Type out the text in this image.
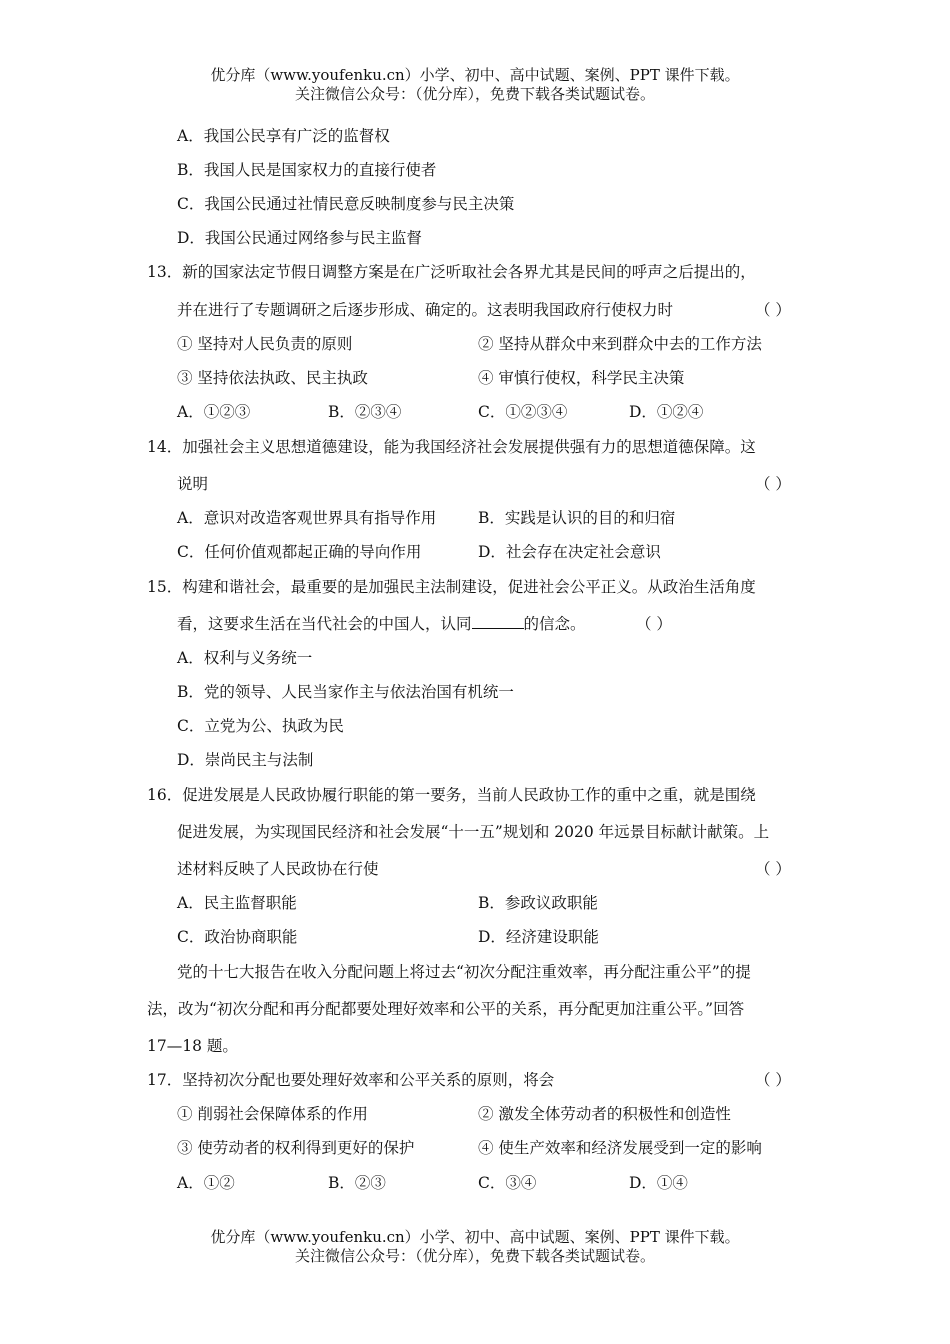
优分库（www.youfenku.cn）小学、初中、高中试题、案例、PPT 课件下载。
关注微信公众号：（优分库），免费下载各类试题试卷。
A．我国公民享有广泛的监督权
B．我国人民是国家权力的直接行使者
C．我国公民通过社情民意反映制度参与民主决策
D．我国公民通过网络参与民主监督
13．新的国家法定节假日调整方案是在广泛听取社会各界尤其是民间的呼声之后提出的，
并在进行了专题调研之后逐步形成、确定的。这表明我国政府行使权力时	（ ）
① 坚持对人民负责的原则	② 坚持从群众中来到群众中去的工作方法
③ 坚持依法执政、民主执政	④ 审慎行使权，科学民主决策
A．①②③	B．②③④	C．①②③④	D．①②④
14．加强社会主义思想道德建设，能为我国经济社会发展提供强有力的思想道德保障。这
说明	（ ）
A．意识对改造客观世界具有指导作用	B．实践是认识的目的和归宿
C．任何价值观都起正确的导向作用	D．社会存在决定社会意识
15．构建和谐社会，最重要的是加强民主法制建设，促进社会公平正义。从政治生活角度
看，这要求生活在当代社会的中国人，认同	的信念。	（ ）
A．权利与义务统一
B．党的领导、人民当家作主与依法治国有机统一
C．立党为公、执政为民
D．崇尚民主与法制
16．促进发展是人民政协履行职能的第一要务，当前人民政协工作的重中之重，就是围绕
促进发展，为实现国民经济和社会发展“十一五”规划和 2020 年远景目标献计献策。上
述材料反映了人民政协在行使	（ ）
A．民主监督职能	B．参政议政职能
C．政治协商职能	D．经济建设职能
党的十七大报告在收入分配问题上将过去“初次分配注重效率，再分配注重公平”的提
法，改为“初次分配和再分配都要处理好效率和公平的关系，再分配更加注重公平。”回答
17—18 题。
17．坚持初次分配也要处理好效率和公平关系的原则，将会	（ ）
① 削弱社会保障体系的作用	② 激发全体劳动者的积极性和创造性
③ 使劳动者的权利得到更好的保护	④ 使生产效率和经济发展受到一定的影响
A．①②	B．②③	C．③④	D．①④
优分库（www.youfenku.cn）小学、初中、高中试题、案例、PPT 课件下载。
关注微信公众号：（优分库），免费下载各类试题试卷。
